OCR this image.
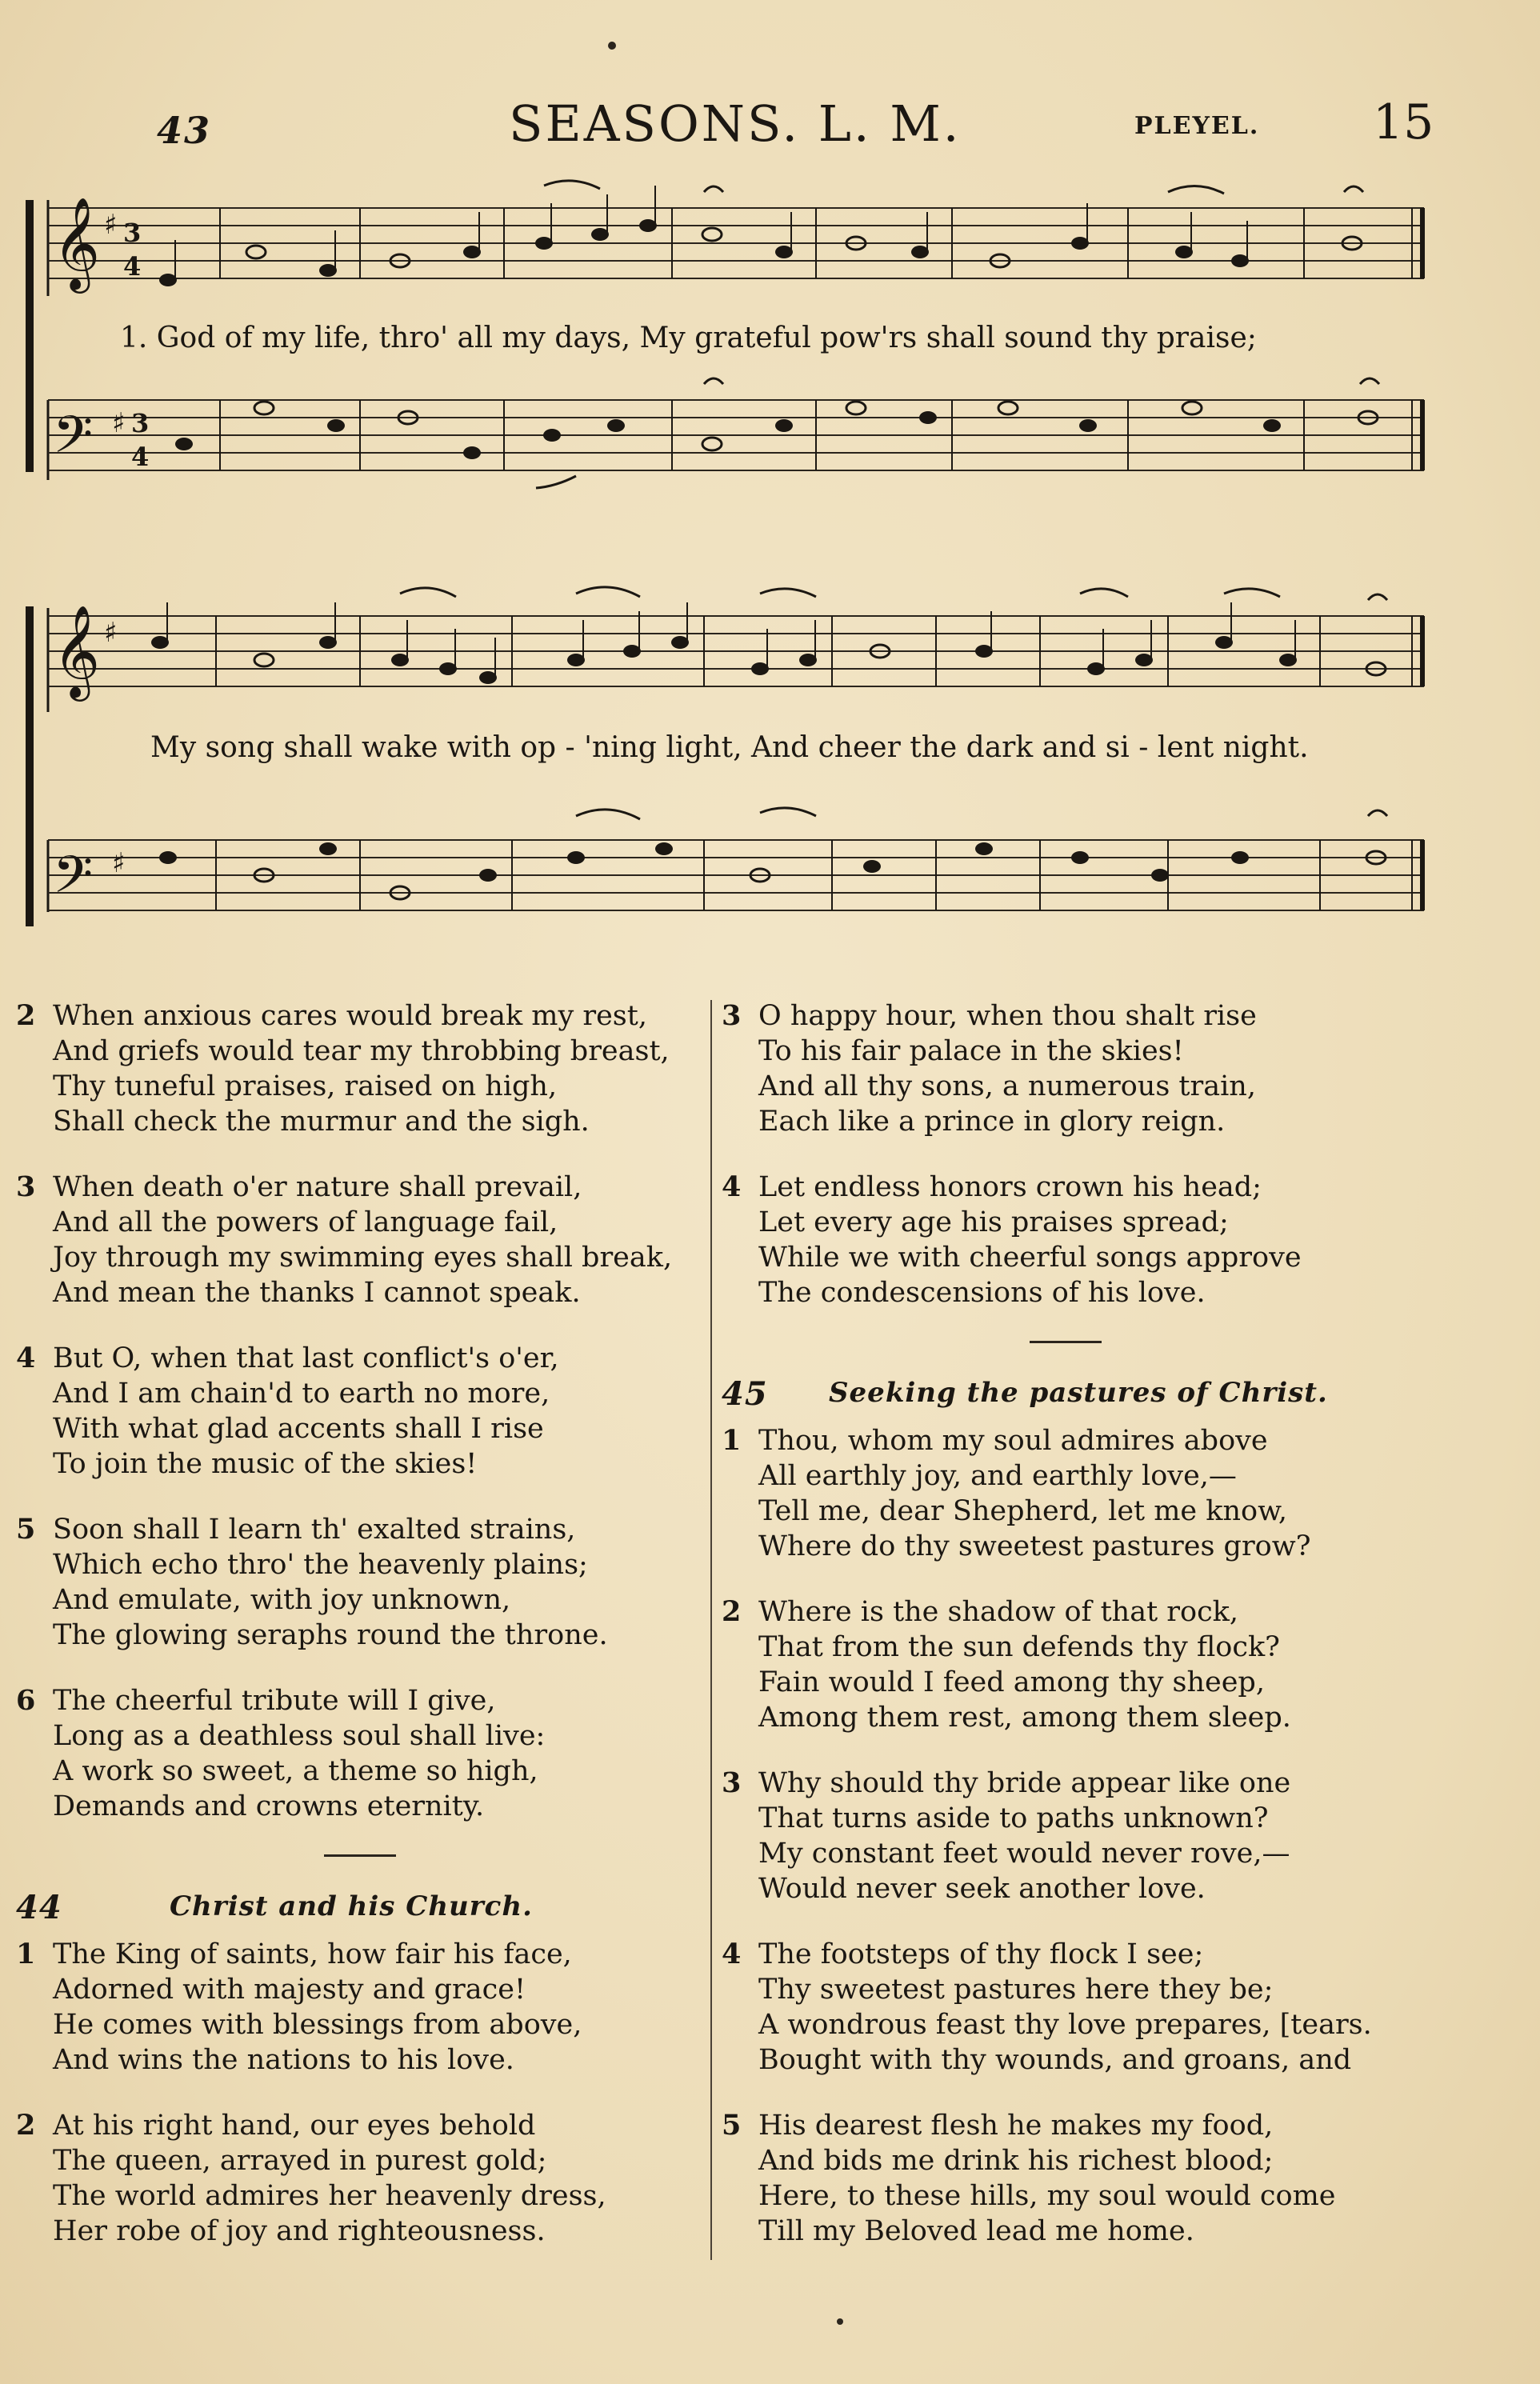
43	SEASONS. L. M.	PLEYEL. 15
𝄞 ♯ 3
4
𝄢 ♯ 3
4
1. God of my life, thro' all my days, My grateful pow'rs shall sound thy praise;
𝄞 ♯
𝄢 ♯
My song shall wake with op - 'ning light, And cheer the dark and si - lent night.
2 When anxious cares would break my rest,
And griefs would tear my throbbing breast,
Thy tuneful praises, raised on high,
Shall check the murmur and the sigh.
3 When death o'er nature shall prevail,
And all the powers of language fail,
Joy through my swimming eyes shall break,
And mean the thanks I cannot speak.
4 But O, when that last conflict's o'er,
And I am chain'd to earth no more,
With what glad accents shall I rise
To join the music of the skies!
5 Soon shall I learn th' exalted strains,
Which echo thro' the heavenly plains;
And emulate, with joy unknown,
The glowing seraphs round the throne.
6 The cheerful tribute will I give,
Long as a deathless soul shall live:
A work so sweet, a theme so high,
Demands and crowns eternity.
44	Christ and his Church.
1 The King of saints, how fair his face,
Adorned with majesty and grace!
He comes with blessings from above,
And wins the nations to his love.
2 At his right hand, our eyes behold
The queen, arrayed in purest gold;
The world admires her heavenly dress,
Her robe of joy and righteousness.
3 O happy hour, when thou shalt rise
To his fair palace in the skies!
And all thy sons, a numerous train,
Each like a prince in glory reign.
4 Let endless honors crown his head;
Let every age his praises spread;
While we with cheerful songs approve
The condescensions of his love.
45 Seeking the pastures of Christ.
1 Thou, whom my soul admires above
All earthly joy, and earthly love,—
Tell me, dear Shepherd, let me know,
Where do thy sweetest pastures grow?
2 Where is the shadow of that rock,
That from the sun defends thy flock?
Fain would I feed among thy sheep,
Among them rest, among them sleep.
3 Why should thy bride appear like one
That turns aside to paths unknown?
My constant feet would never rove,—
Would never seek another love.
4 The footsteps of thy flock I see;
Thy sweetest pastures here they be;
A wondrous feast thy love prepares, [tears.
Bought with thy wounds, and groans, and
5 His dearest flesh he makes my food,
And bids me drink his richest blood;
Here, to these hills, my soul would come
Till my Beloved lead me home.
